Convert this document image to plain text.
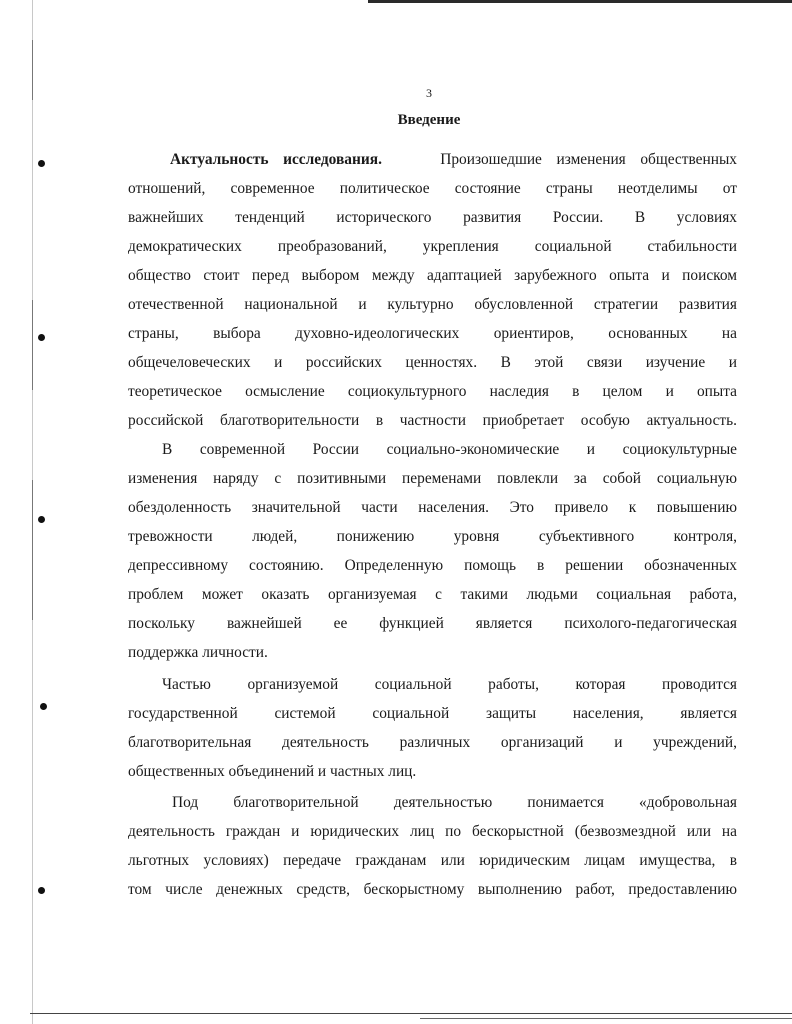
3
Введение
Актуальность исследования.	Произошедшие изменения общественных
отношений, современное политическое состояние страны неотделимы от
важнейших тенденций исторического развития России. В условиях
демократических преобразований, укрепления социальной стабильности
общество стоит перед выбором между адаптацией зарубежного опыта и поиском
отечественной национальной и культурно обусловленной стратегии развития
страны, выбора духовно-идеологических ориентиров, основанных на
общечеловеческих и российских ценностях. В этой связи изучение и
теоретическое осмысление социокультурного наследия в целом и опыта
российской благотворительности в частности приобретает особую актуальность.
В современной России социально-экономические и социокультурные
изменения наряду с позитивными переменами повлекли за собой социальную
обездоленность значительной части населения. Это привело к повышению
тревожности людей, понижению уровня субъективного контроля,
депрессивному состоянию. Определенную помощь в решении обозначенных
проблем может оказать организуемая с такими людьми социальная работа,
поскольку важнейшей ее функцией является психолого-педагогическая
поддержка личности.
Частью организуемой социальной работы, которая проводится
государственной системой социальной защиты населения, является
благотворительная деятельность различных организаций и учреждений,
общественных объединений и частных лиц.
Под благотворительной деятельностью понимается «добровольная
деятельность граждан и юридических лиц по бескорыстной (безвозмездной или на
льготных условиях) передаче гражданам или юридическим лицам имущества, в
том числе денежных средств, бескорыстному выполнению работ, предоставлению
